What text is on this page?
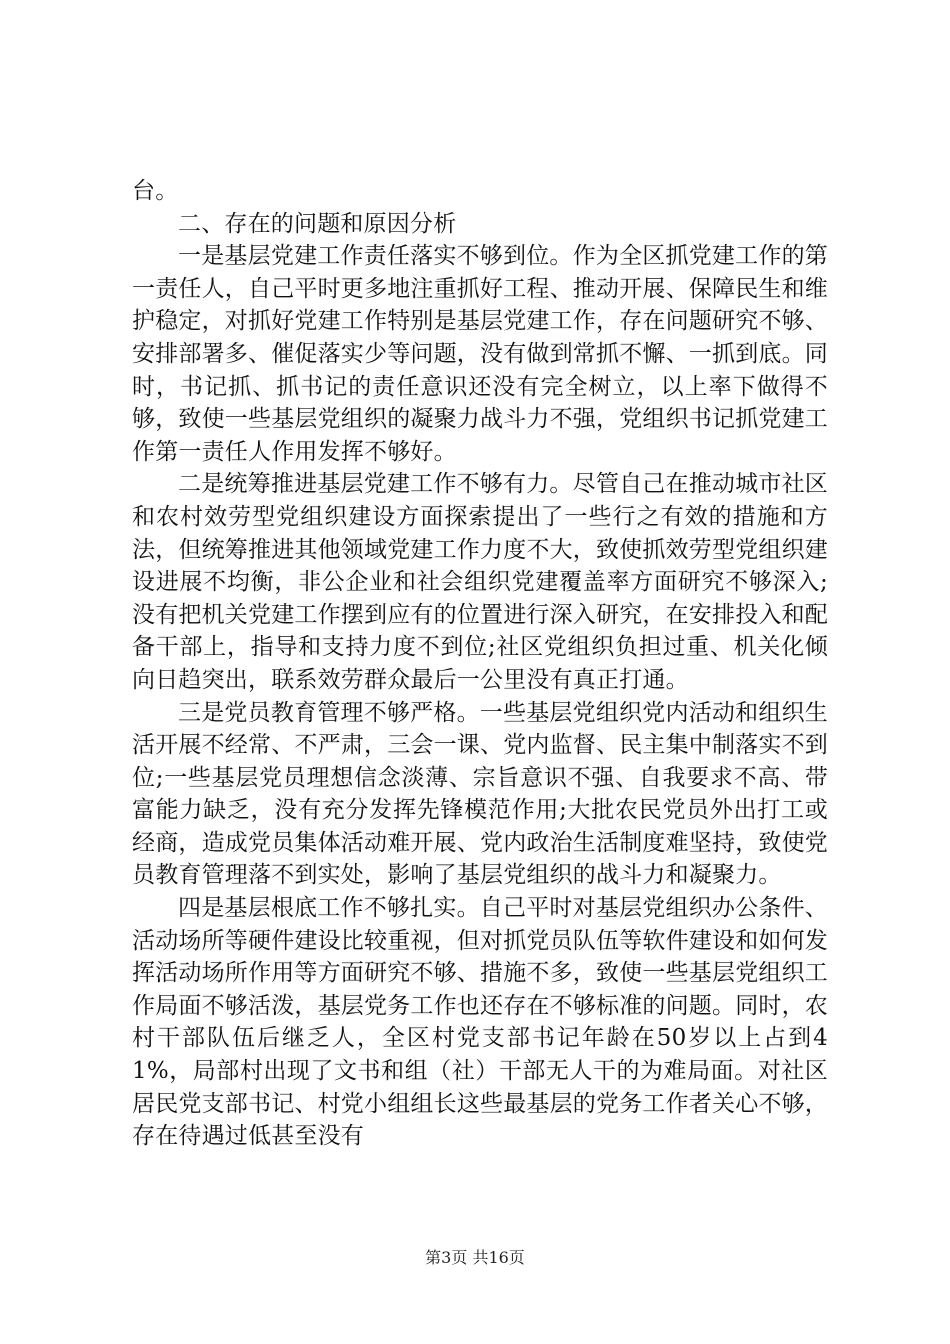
台。

二、存在的问题和原因分析

一是基层党建工作责任落实不够到位。作为全区抓党建工作的第一责任人，自己平时更多地注重抓好工程、推动开展、保障民生和维护稳定，对抓好党建工作特别是基层党建工作，存在问题研究不够、安排部署多、催促落实少等问题，没有做到常抓不懈、一抓到底。同时，书记抓、抓书记的责任意识还没有完全树立，以上率下做得不够，致使一些基层党组织的凝聚力战斗力不强，党组织书记抓党建工作第一责任人作用发挥不够好。

二是统筹推进基层党建工作不够有力。尽管自己在推动城市社区和农村效劳型党组织建设方面探索提出了一些行之有效的措施和方法，但统筹推进其他领域党建工作力度不大，致使抓效劳型党组织建设进展不均衡，非公企业和社会组织党建覆盖率方面研究不够深入;没有把机关党建工作摆到应有的位置进行深入研究，在安排投入和配备干部上，指导和支持力度不到位;社区党组织负担过重、机关化倾向日趋突出，联系效劳群众最后一公里没有真正打通。

三是党员教育管理不够严格。一些基层党组织党内活动和组织生活开展不经常、不严肃，三会一课、党内监督、民主集中制落实不到位;一些基层党员理想信念淡薄、宗旨意识不强、自我要求不高、带富能力缺乏，没有充分发挥先锋模范作用;大批农民党员外出打工或经商，造成党员集体活动难开展、党内政治生活制度难坚持，致使党员教育管理落不到实处，影响了基层党组织的战斗力和凝聚力。

四是基层根底工作不够扎实。自己平时对基层党组织办公条件、活动场所等硬件建设比较重视，但对抓党员队伍等软件建设和如何发挥活动场所作用等方面研究不够、措施不多，致使一些基层党组织工作局面不够活泼，基层党务工作也还存在不够标准的问题。同时，农村干部队伍后继乏人，全区村党支部书记年龄在50岁以上占到41%，局部村出现了文书和组（社）干部无人干的为难局面。对社区居民党支部书记、村党小组组长这些最基层的党务工作者关心不够，存在待遇过低甚至没有

第3页 共16页
